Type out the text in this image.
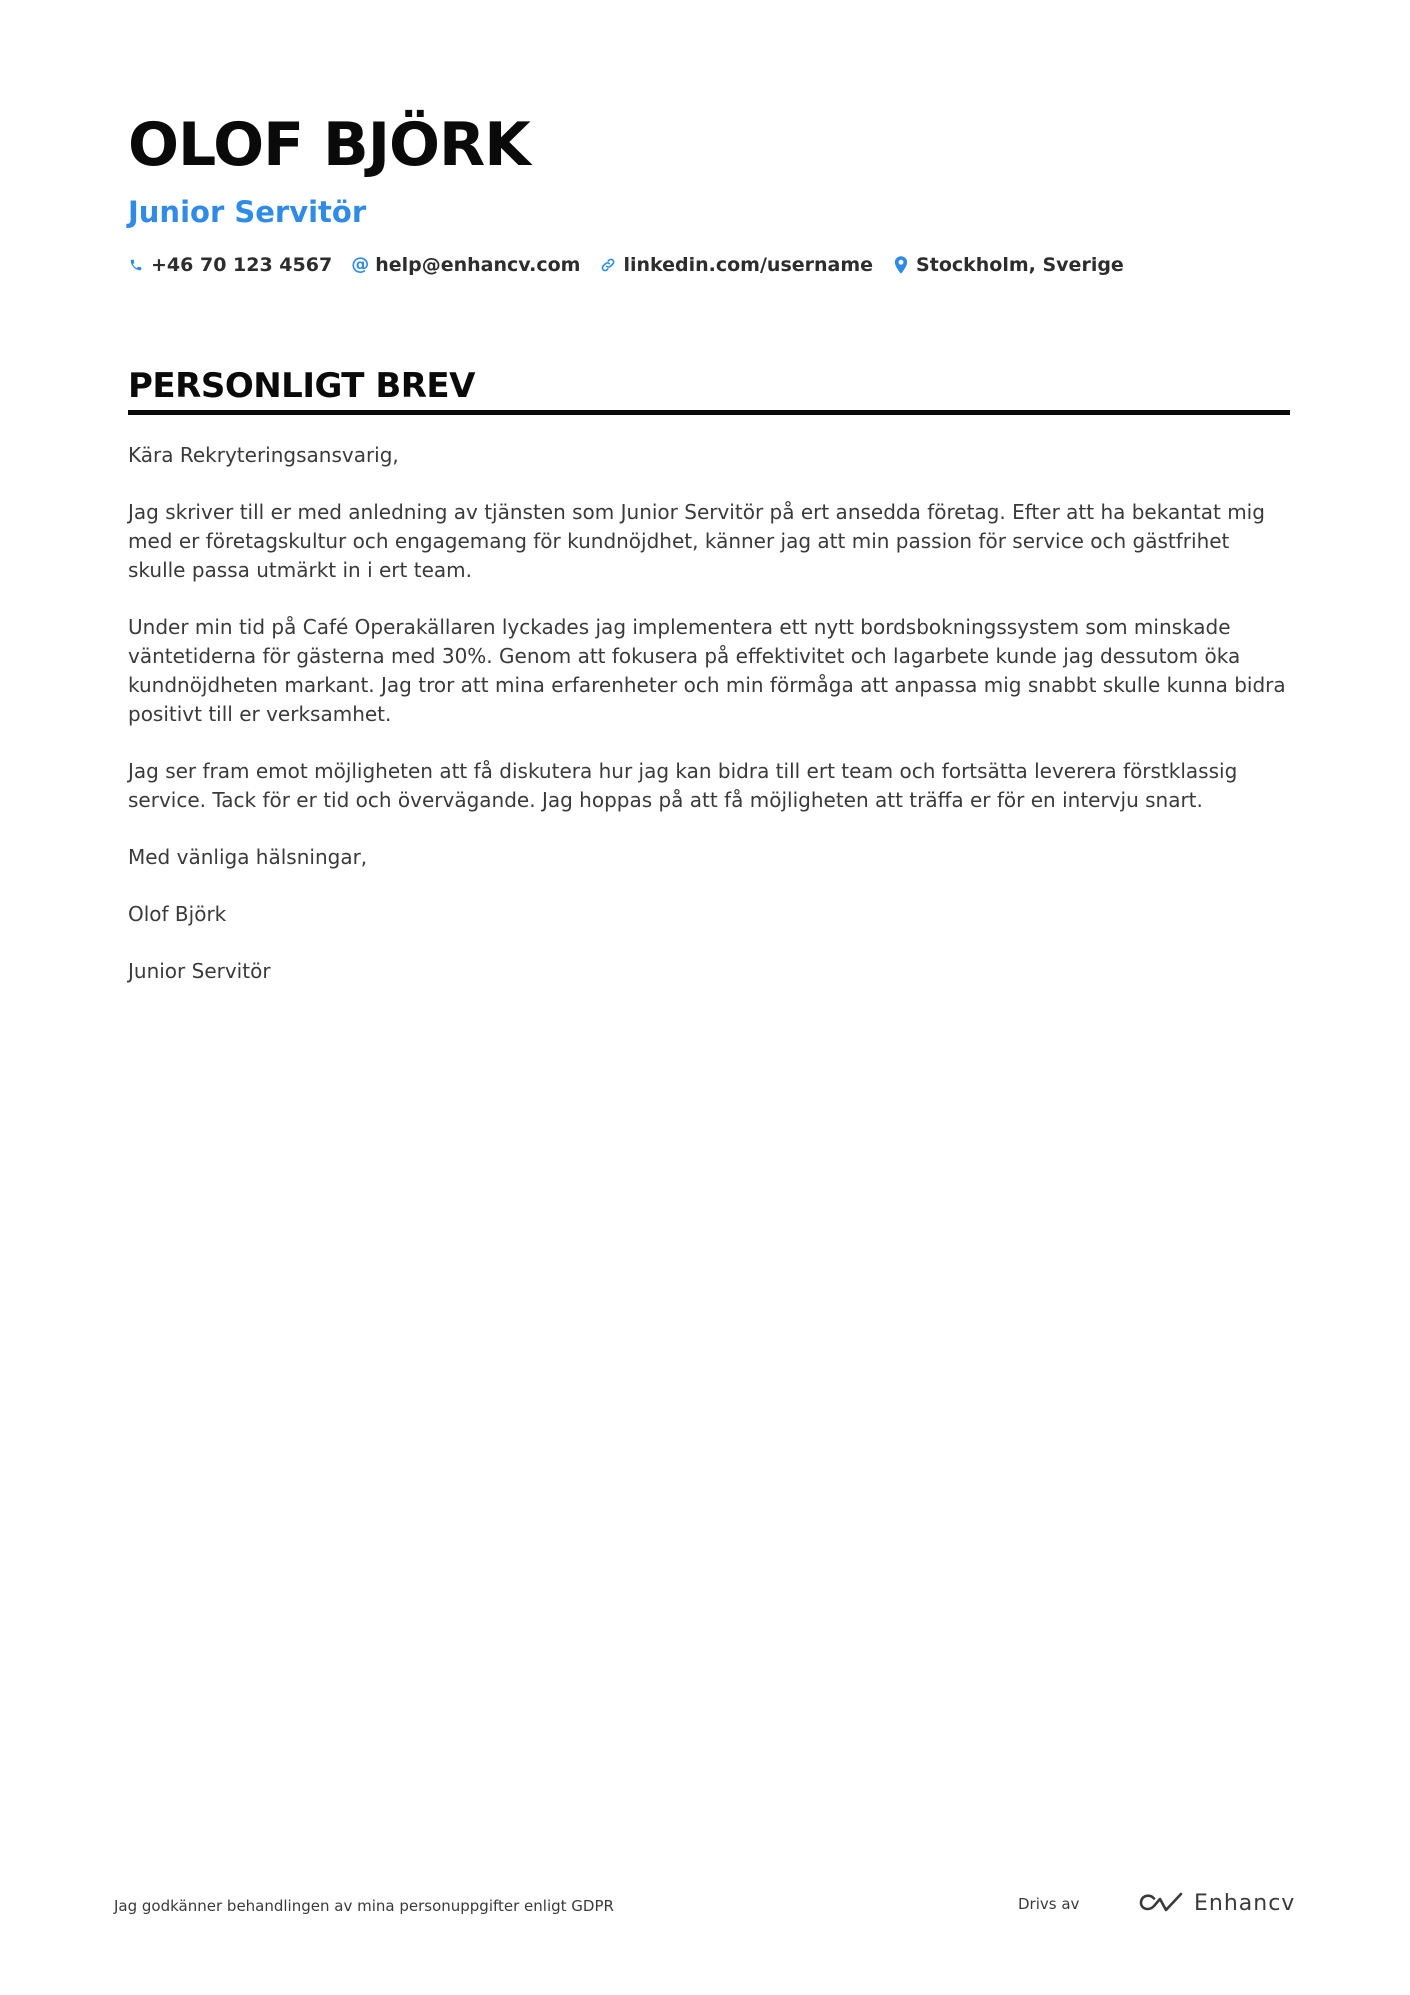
OLOF BJÖRK
Junior Servitör
+46 70 123 4567 @ help@enhancv.com linkedin.com/username Stockholm, Sverige
PERSONLIGT BREV

Kära Rekryteringsansvarig,

Jag skriver till er med anledning av tjänsten som Junior Servitör på ert ansedda företag. Efter att ha bekantat mig med er företagskultur och engagemang för kundnöjdhet, känner jag att min passion för service och gästfrihet skulle passa utmärkt in i ert team.

Under min tid på Café Operakällaren lyckades jag implementera ett nytt bordsbokningssystem som minskade väntetiderna för gästerna med 30%. Genom att fokusera på effektivitet och lagarbete kunde jag dessutom öka kundnöjdheten markant. Jag tror att mina erfarenheter och min förmåga att anpassa mig snabbt skulle kunna bidra positivt till er verksamhet.

Jag ser fram emot möjligheten att få diskutera hur jag kan bidra till ert team och fortsätta leverera förstklassig service. Tack för er tid och övervägande. Jag hoppas på att få möjligheten att träffa er för en intervju snart.

Med vänliga hälsningar,

Olof Björk

Junior Servitör

Jag godkänner behandlingen av mina personuppgifter enligt GDPR	Drivs av	Enhancv
